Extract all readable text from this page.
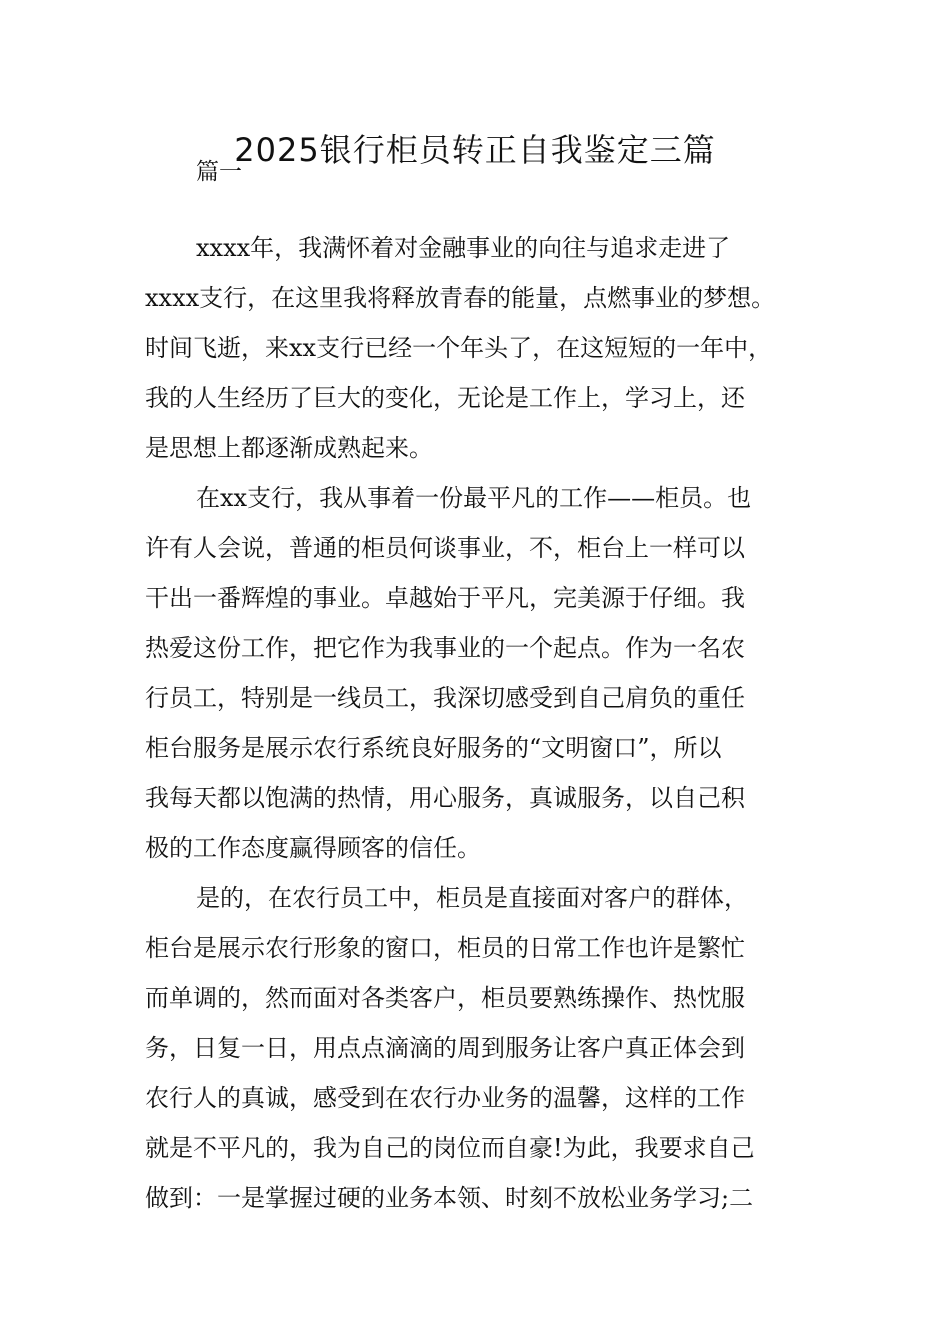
2025银行柜员转正自我鉴定三篇
篇一
xxxx年，我满怀着对金融事业的向往与追求走进了
xxxx支行，在这里我将释放青春的能量，点燃事业的梦想。
时间飞逝，来xx支行已经一个年头了，在这短短的一年中，
我的人生经历了巨大的变化，无论是工作上，学习上，还
是思想上都逐渐成熟起来。
在xx支行，我从事着一份最平凡的工作——柜员。也
许有人会说，普通的柜员何谈事业，不，柜台上一样可以
干出一番辉煌的事业。卓越始于平凡，完美源于仔细。我
热爱这份工作，把它作为我事业的一个起点。作为一名农
行员工，特别是一线员工，我深切感受到自己肩负的重任
柜台服务是展示农行系统良好服务的“文明窗口”，所以
我每天都以饱满的热情，用心服务，真诚服务，以自己积
极的工作态度赢得顾客的信任。
是的，在农行员工中，柜员是直接面对客户的群体，
柜台是展示农行形象的窗口，柜员的日常工作也许是繁忙
而单调的，然而面对各类客户，柜员要熟练操作、热忱服
务，日复一日，用点点滴滴的周到服务让客户真正体会到
农行人的真诚，感受到在农行办业务的温馨，这样的工作
就是不平凡的，我为自己的岗位而自豪!为此，我要求自己
做到：一是掌握过硬的业务本领、时刻不放松业务学习;二
